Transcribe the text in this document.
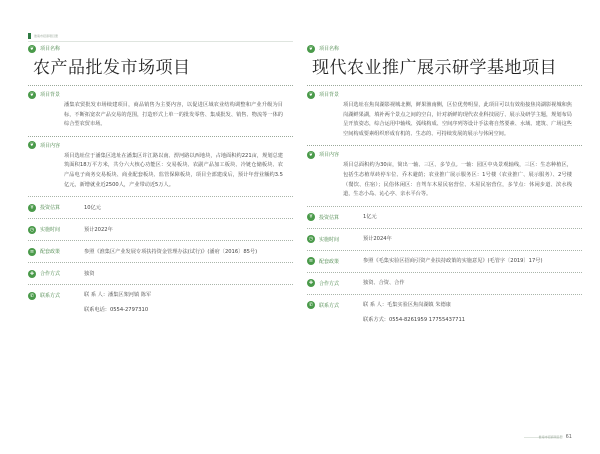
淮南市招商项目册
❦	项目名称
农产品批发市场项目
❦	项目背景
潘集农贸批发市场续建项目，商品销售为主要内容，以促进区域农业结构调整和产业升级为目标，不断拓宽农产品交易的范围，打造形式上单一的批发零售、集成批发、销售、物流等一体的综合型农贸市场。
❦	项目内容
项目选址位于潘集区选址在潘集区许江路以南、淠河路以西地块，占地面积约221亩，规划总建筑面积18万平方米，共分六大核心功能区：交易板块、农副产品加工板块、冷链仓储板块、农产品电子商务交易板块、商业配套板块、监管保障板块，项目全部建成后，预计年营业额约3.5亿元，新增就业近2500人，产业带动近5万人。
¥	投资估算	10亿元
◷	实施时间	预计2022年
≡	配套政策	参照《淮集区产业发展专项扶持资金管理办法(试行)》(潘府〔2016〕85号)
✚	合作方式	独资
✆	联系方式	联 系 人：潘集区架河镇 陈军
联系电话：0554-2797310
❦	项目名称
现代农业推广展示研学基地项目
❦	项目背景
项目选址在焦岗湖影视城北侧，鲜果渔南侧，区位优势明显，此项目可以有效衔接焦岗湖影视城和焦岗湖鲜果湖，填补两个景点之间的空白，针对新鲜的现代农业科技展厅、展示及研学主题，规划布局呈开放姿态，综合运用中轴线、弧线构成、空间序列等设计手法将自然要素、水域、建筑、广场这些空间构成要素组织形成有机的、生态的、可持续发展的展示与休闲空间。
❦	项目内容
项目总面积约为30亩，简出一轴、三区、多节点。一轴：园区中央景观轴线，三区：生态种植区，包括生态植草砖停车位、乔木避荫；农业推广展示服务区：1号楼（农业推广、展示服务）、2号楼（餐饮、住宿）；民俗休闲区：自驾车木屋民宿营位、木屋民宿营位，多节点：休闲步道、滨水栈道，生态小岛、沁心亭、亲水平台等。
¥	投资估算	1亿元
◷	实施时间	预计2024年
≡	配套政策	参照《毛集实验区招商引资产业扶持政策的实施意见》(毛管字〔2019〕17号)
✚	合作方式	独资、合资、合作
✆	联系方式	联 系 人：毛集实验区焦岗湖镇 朱德康
联系方式：0554-8261959 17755437711
淮南市招商项目册 61
